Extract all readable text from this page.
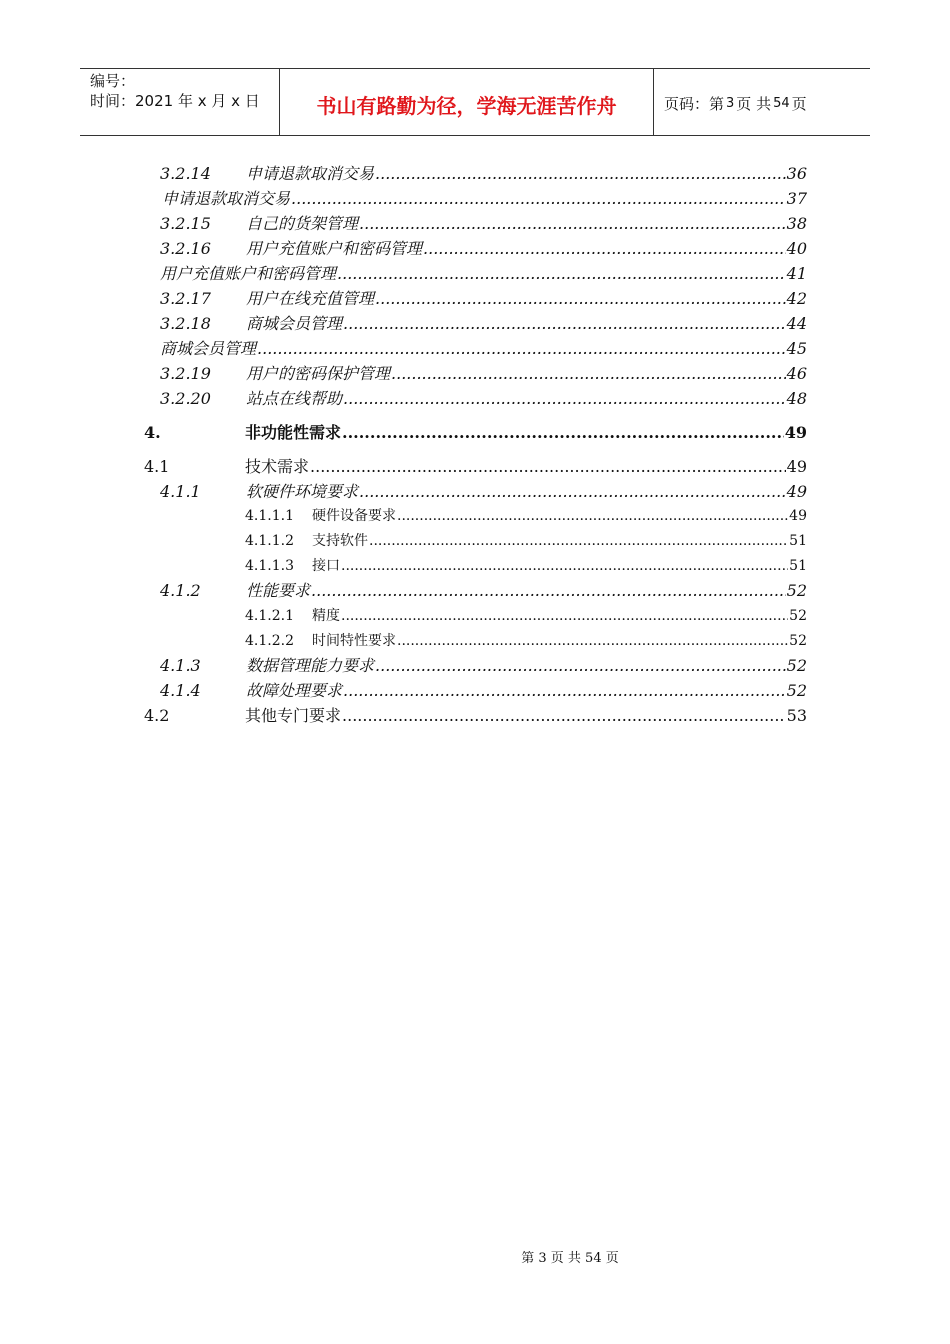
编号：
时间：2021 年 x 月 x 日	书山有路勤为径，学海无涯苦作舟	页码：第 3 页 共 54 页
3.2.14	申请退款取消交易 .....	36
申请退款取消交易 .....	37
3.2.15	自己的货架管理 .....	38
3.2.16	用户充值账户和密码管理 .....	40
用户充值账户和密码管理 .....	41
3.2.17	用户在线充值管理 .....	42
3.2.18	商城会员管理 .....	44
商城会员管理 .....	45
3.2.19	用户的密码保护管理 .....	46
3.2.20	站点在线帮助 .....	48
4.	非功能性需求 .....	49
4.1	技术需求 .....	49
4.1.1	软硬件环境要求 .....	49
4.1.1.1	硬件设备要求 .....	49
4.1.1.2	支持软件 .....	51
4.1.1.3	接口 .....	51
4.1.2	性能要求 .....	52
4.1.2.1	精度 .....	52
4.1.2.2	时间特性要求 .....	52
4.1.3	数据管理能力要求 .....	52
4.1.4	故障处理要求 .....	52
4.2	其他专门要求 .....	53
第 3 页 共 54 页
